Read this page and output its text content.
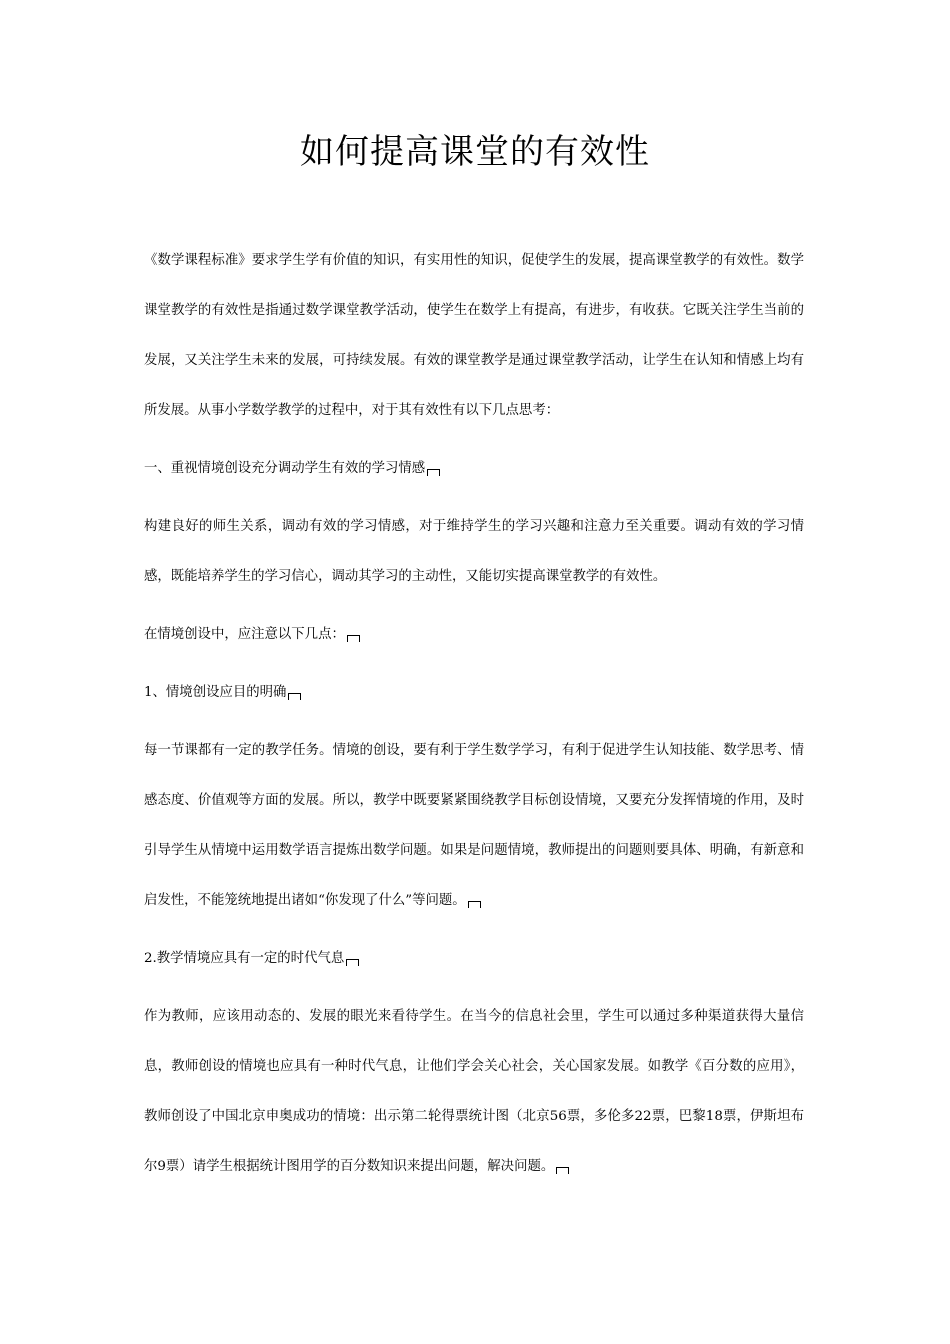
如何提高课堂的有效性

《数学课程标准》要求学生学有价值的知识，有实用性的知识，促使学生的发展，提高课堂教学的有效性。数学课堂教学的有效性是指通过数学课堂教学活动，使学生在数学上有提高，有进步，有收获。它既关注学生当前的发展，又关注学生未来的发展，可持续发展。有效的课堂教学是通过课堂教学活动，让学生在认知和情感上均有所发展。从事小学数学教学的过程中，对于其有效性有以下几点思考：

一、重视情境创设充分调动学生有效的学习情感

构建良好的师生关系，调动有效的学习情感，对于维持学生的学习兴趣和注意力至关重要。调动有效的学习情感，既能培养学生的学习信心，调动其学习的主动性，又能切实提高课堂教学的有效性。

在情境创设中，应注意以下几点：

1、情境创设应目的明确

每一节课都有一定的教学任务。情境的创设，要有利于学生数学学习，有利于促进学生认知技能、数学思考、情感态度、价值观等方面的发展。所以，教学中既要紧紧围绕教学目标创设情境，又要充分发挥情境的作用，及时引导学生从情境中运用数学语言提炼出数学问题。如果是问题情境，教师提出的问题则要具体、明确，有新意和启发性，不能笼统地提出诸如“你发现了什么”等问题。

2.教学情境应具有一定的时代气息

作为教师，应该用动态的、发展的眼光来看待学生。在当今的信息社会里，学生可以通过多种渠道获得大量信息，教师创设的情境也应具有一种时代气息，让他们学会关心社会，关心国家发展。如教学《百分数的应用》，教师创设了中国北京申奥成功的情境：出示第二轮得票统计图（北京56票，多伦多22票，巴黎18票，伊斯坦布尔9票）请学生根据统计图用学的百分数知识来提出问题，解决问题。
